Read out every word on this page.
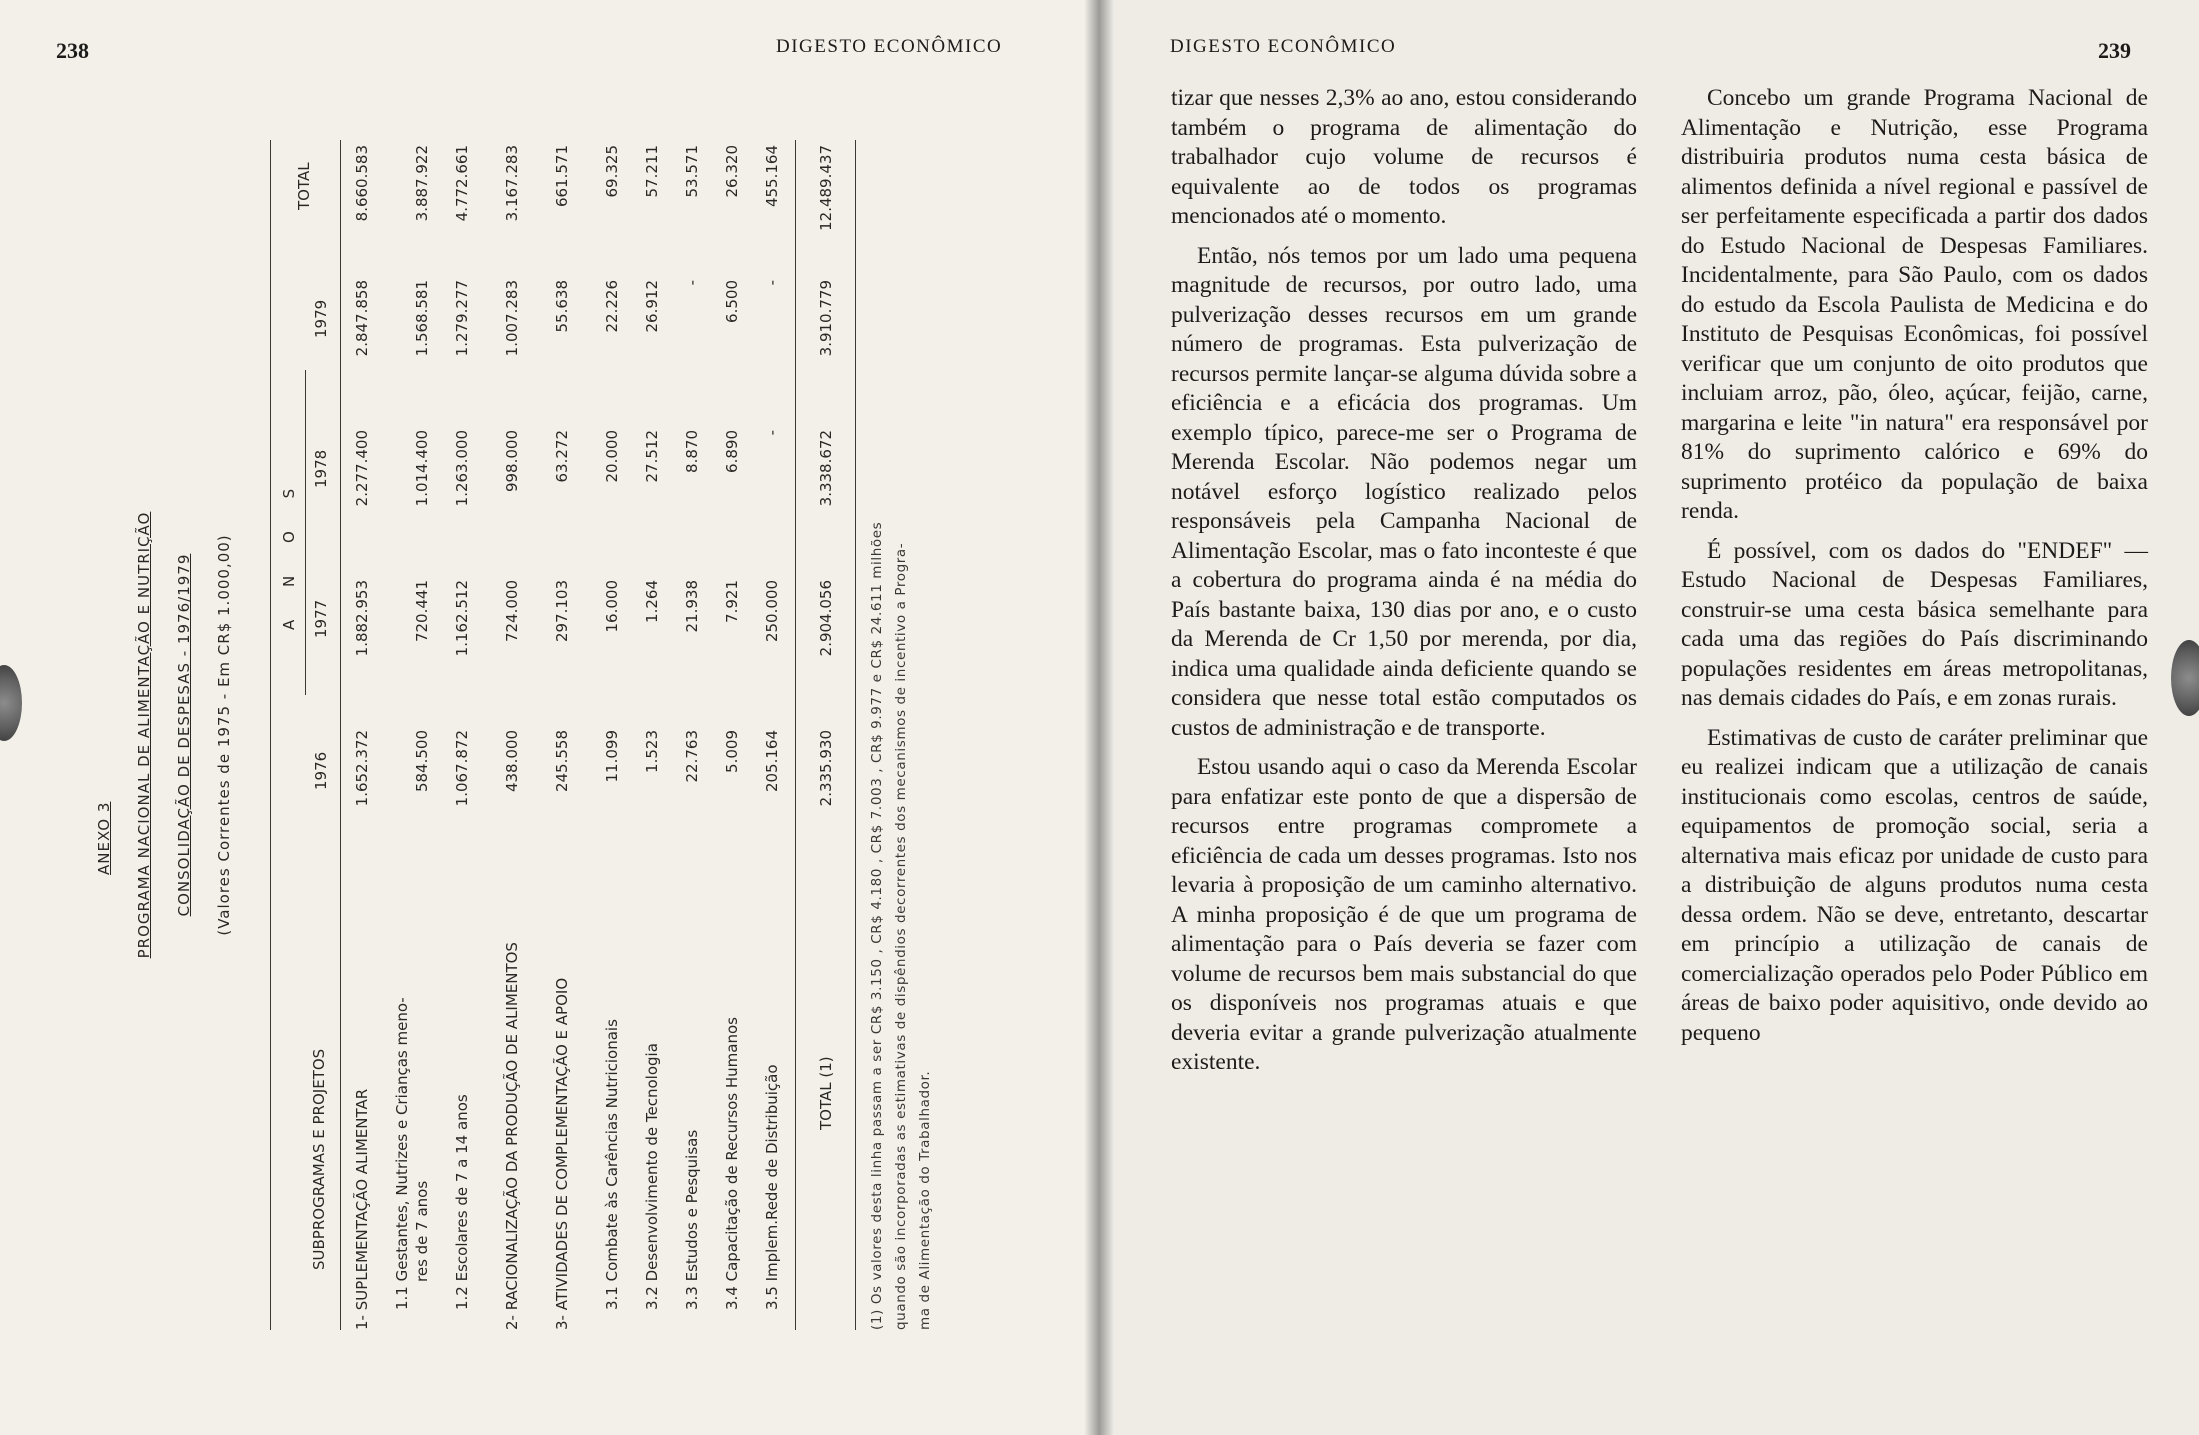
238	DIGESTO ECONÔMICO
ANEXO 3 PROGRAMA NACIONAL DE ALIMENTAÇÃO E NUTRIÇÃO CONSOLIDAÇÃO DE DESPESAS - 1976/1979 (Valores Correntes de 1975 - Em CR$ 1.000,00)
SUBPROGRAMAS E PROJETOS
A N O S
1976
1977
1978
1979
TOTAL
1- SUPLEMENTAÇÃO ALIMENTAR
1.652.372
1.882.953
2.277.400
2.847.858
8.660.583
1.1 Gestantes, Nutrizes e Crianças meno- res de 7 anos
584.500
720.441
1.014.400
1.568.581
3.887.922
1.2 Escolares de 7 a 14 anos
1.067.872
1.162.512
1.263.000
1.279.277
4.772.661
2- RACIONALIZAÇÃO DA PRODUÇÃO DE ALIMENTOS
438.000
724.000
998.000
1.007.283
3.167.283
3- ATIVIDADES DE COMPLEMENTAÇÃO E APOIO
245.558
297.103
63.272
55.638
661.571
3.1 Combate às Carências Nutricionais
11.099
16.000
20.000
22.226
69.325
3.2 Desenvolvimento de Tecnologia
1.523
1.264
27.512
26.912
57.211
3.3 Estudos e Pesquisas
22.763
21.938
8.870
-
53.571
3.4 Capacitação de Recursos Humanos
5.009
7.921
6.890
6.500
26.320
3.5 Implem.Rede de Distribuição
205.164
250.000
-
-
455.164
TOTAL (1)
2.335.930
2.904.056
3.338.672
3.910.779
12.489.437
(1) Os valores desta linha passam a ser CR$ 3.150 , CR$ 4.180 , CR$ 7.003 , CR$ 9.977 e CR$ 24.611 milhões quando são incorporadas as estimativas de dispêndios decorrentes dos mecanismos de incentivo a Progra- ma de Alimentação do Trabalhador.
DIGESTO ECONÔMICO	239

tizar que nesses 2,3% ao ano, estou considerando também o programa de alimentação do trabalhador cujo volume de recursos é equivalente ao de todos os programas mencionados até o momento.

Então, nós temos por um lado uma pequena magnitude de recursos, por outro lado, uma pulverização desses recursos em um grande número de programas. Esta pulverização de recursos permite lançar-se alguma dúvida sobre a eficiência e a eficácia dos programas. Um exemplo típico, parece-me ser o Programa de Merenda Escolar. Não podemos negar um notável esforço logístico realizado pelos responsáveis pela Campanha Nacional de Alimentação Escolar, mas o fato incontestе é que a cobertura do programa ainda é na média do País bastante baixa, 130 dias por ano, e o custo da Merenda de Cr 1,50 por merenda, por dia, indica uma qualidade ainda deficiente quando se considera que nesse total estão computados os custos de administração e de transporte.

Estou usando aqui o caso da Merenda Escolar para enfatizar este ponto de que a dispersão de recursos entre programas compromete a eficiência de cada um desses programas. Isto nos levaria à proposição de um caminho alternativo. A minha proposição é de que um programa de alimentação para o País deveria se fazer com volume de recursos bem mais substancial do que os disponíveis nos programas atuais e que deveria evitar a grande pulverização atualmente existente.

Concebo um grande Programa Nacional de Alimentação e Nutrição, esse Programa distribuiria produtos numa cesta básica de alimentos definida a nível regional e passível de ser perfeitamente especificada a partir dos dados do Estudo Nacional de Despesas Familiares. Incidentalmente, para São Paulo, com os dados do estudo da Escola Paulista de Medicina e do Instituto de Pesquisas Econômicas, foi possível verificar que um conjunto de oito produtos que incluiam arroz, pão, óleo, açúcar, feijão, carne, margarina e leite "in natura" era responsável por 81% do suprimento calórico e 69% do suprimento protéico da população de baixa renda.

É possível, com os dados do "ENDEF" — Estudo Nacional de Despesas Familiares, construir-se uma cesta básica semelhante para cada uma das regiões do País discriminando populações residentes em áreas metropolitanas, nas demais cidades do País, e em zonas rurais.

Estimativas de custo de caráter preliminar que eu realizei indicam que a utilização de canais institucionais como escolas, centros de saúde, equipamentos de promoção social, seria a alternativa mais eficaz por unidade de custo para a distribuição de alguns produtos numa cesta dessa ordem. Não se deve, entretanto, descartar em princípio a utilização de canais de comercialização operados pelo Poder Público em áreas de baixo poder aquisitivo, onde devido ao pequeno
